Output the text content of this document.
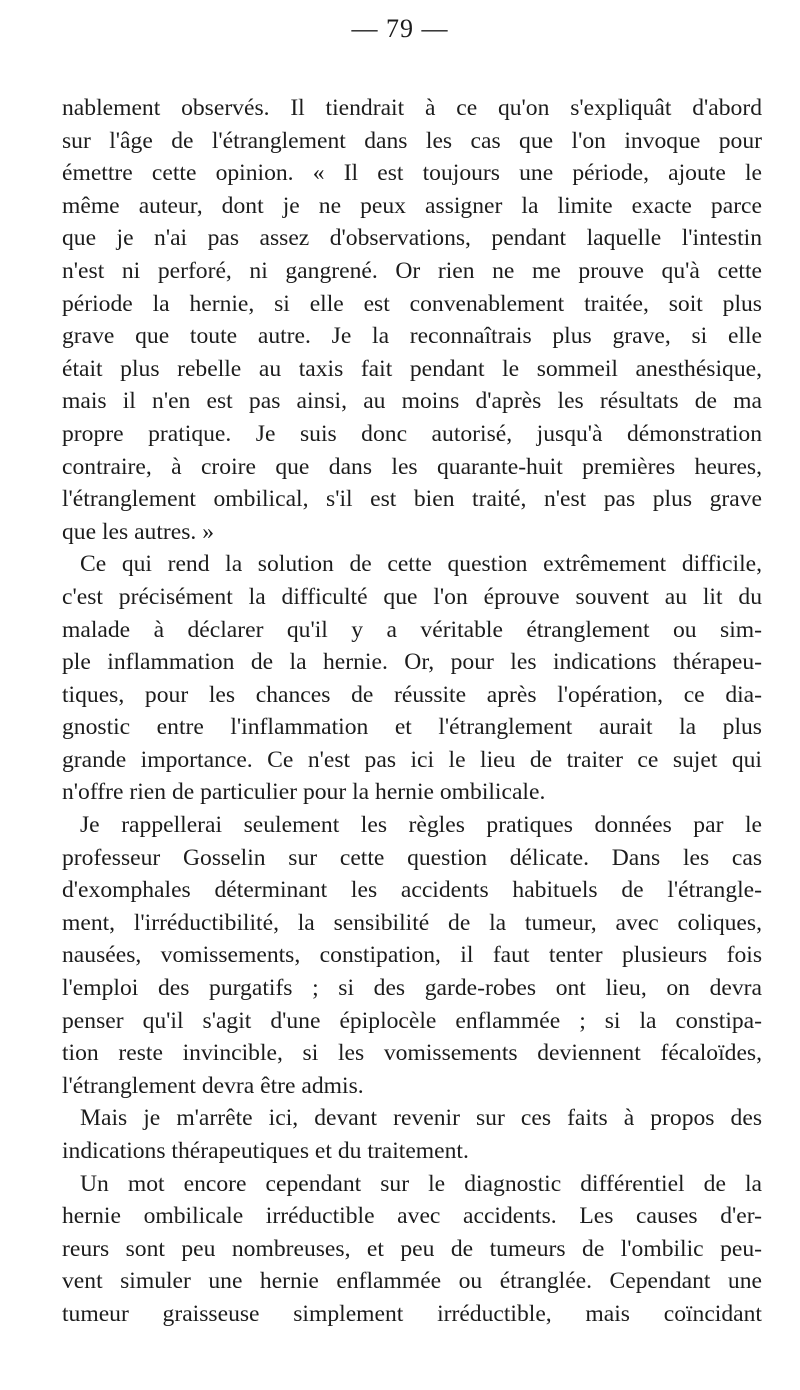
— 79 —
nablement observés. Il tiendrait à ce qu'on s'expliquât d'abord
sur l'âge de l'étranglement dans les cas que l'on invoque pour
émettre cette opinion. « Il est toujours une période, ajoute le
même auteur, dont je ne peux assigner la limite exacte parce
que je n'ai pas assez d'observations, pendant laquelle l'intestin
n'est ni perforé, ni gangrené. Or rien ne me prouve qu'à cette
période la hernie, si elle est convenablement traitée, soit plus
grave que toute autre. Je la reconnaîtrais plus grave, si elle
était plus rebelle au taxis fait pendant le sommeil anesthésique,
mais il n'en est pas ainsi, au moins d'après les résultats de ma
propre pratique. Je suis donc autorisé, jusqu'à démonstration
contraire, à croire que dans les quarante-huit premières heures,
l'étranglement ombilical, s'il est bien traité, n'est pas plus grave
que les autres. »
Ce qui rend la solution de cette question extrêmement difficile,
c'est précisément la difficulté que l'on éprouve souvent au lit du
malade à déclarer qu'il y a véritable étranglement ou sim-
ple inflammation de la hernie. Or, pour les indications thérapeu-
tiques, pour les chances de réussite après l'opération, ce dia-
gnostic entre l'inflammation et l'étranglement aurait la plus
grande importance. Ce n'est pas ici le lieu de traiter ce sujet qui
n'offre rien de particulier pour la hernie ombilicale.
Je rappellerai seulement les règles pratiques données par le
professeur Gosselin sur cette question délicate. Dans les cas
d'exomphales déterminant les accidents habituels de l'étrangle-
ment, l'irréductibilité, la sensibilité de la tumeur, avec coliques,
nausées, vomissements, constipation, il faut tenter plusieurs fois
l'emploi des purgatifs ; si des garde-robes ont lieu, on devra
penser qu'il s'agit d'une épiplocèle enflammée ; si la constipa-
tion reste invincible, si les vomissements deviennent fécaloïdes,
l'étranglement devra être admis.
Mais je m'arrête ici, devant revenir sur ces faits à propos des
indications thérapeutiques et du traitement.
Un mot encore cependant sur le diagnostic différentiel de la
hernie ombilicale irréductible avec accidents. Les causes d'er-
reurs sont peu nombreuses, et peu de tumeurs de l'ombilic peu-
vent simuler une hernie enflammée ou étranglée. Cependant une
tumeur graisseuse simplement irréductible, mais coïncidant
